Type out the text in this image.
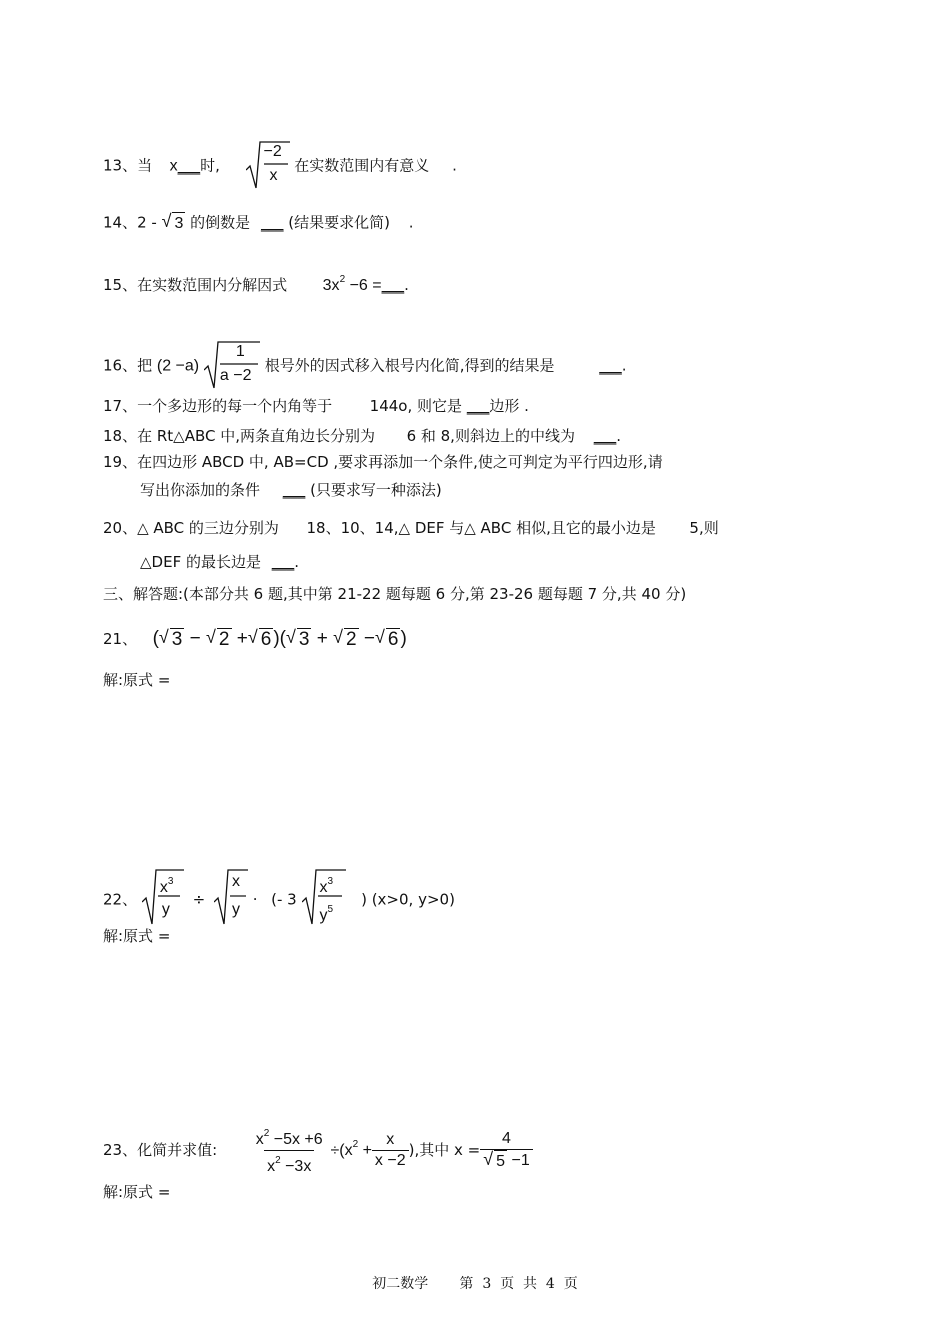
13、当 x___时,
−2
x
在实数范围内有意义 .
14、2 - √ 3 的倒数是 ___ (结果要求化简) .
15、在实数范围内分解因式 $3x^2 -6$ =___.
16、把 (2 −a)
1
a −2
根号外的因式移入根号内化简,得到的结果是	___.
17、一个多边形的每一个内角等于	144o, 则它是 ___边形 .
18、在 Rt△ABC 中,两条直角边长分别为 6 和 8,则斜边上的中线为 ___.
19、在四边形 ABCD 中, AB=CD ,要求再添加一个条件,使之可判定为平行四边形,请
写出你添加的条件 ___ (只要求写一种添法)
20、△ ABC 的三边分别为 18、10、14,△ DEF 与△ ABC 相似,且它的最小边是 5,则
△DEF 的最长边是 ___.
三、解答题:(本部分共 6 题,其中第 21-22 题每题 6 分,第 23-26 题每题 7 分,共 40 分)
21、 ( √ 3 − √ 2 + √ 6 )( √ 3 + √ 2 − √ 6 )
解:原式 =
22、
$x^3$
y
÷
x
y
· (- 3
$x^3$
$y^5$
) (x>0, y>0)
解:原式 =
23、化简并求值: $\frac{x^2 -5x +6}{x^2 -3x} \div(x^2 + \frac{x}{x -2}$ ),其中 $x = \frac{4}{√ 5 -1}$
解:原式 =
初二数学       第  3  页  共  4  页
